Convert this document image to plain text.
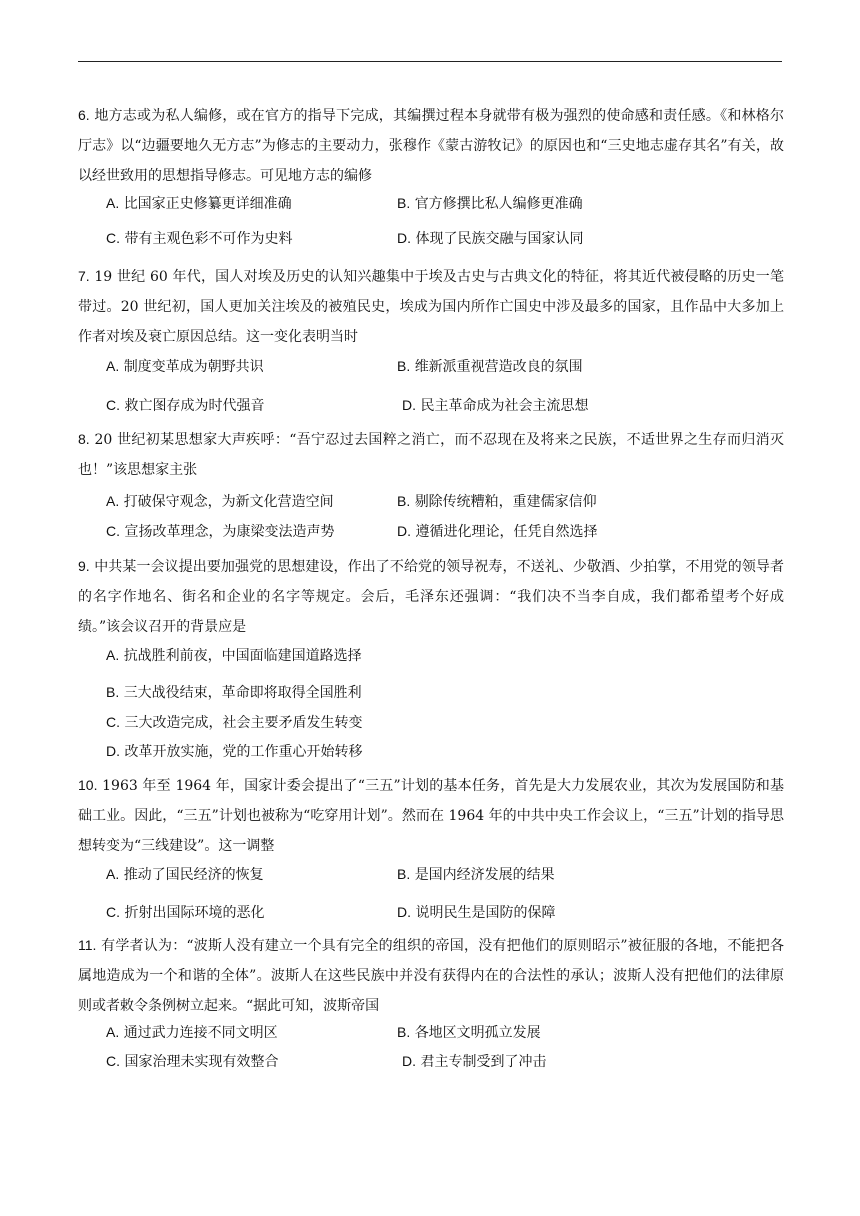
6. 地方志或为私人编修，或在官方的指导下完成，其编撰过程本身就带有极为强烈的使命感和责任感。《和林格尔厅志》以“边疆要地久无方志”为修志的主要动力，张穆作《蒙古游牧记》的原因也和“三史地志虚存其名”有关，故以经世致用的思想指导修志。可见地方志的编修
A. 比国家正史修纂更详细准确	B. 官方修撰比私人编修更准确
C. 带有主观色彩不可作为史料	D. 体现了民族交融与国家认同
7. 19 世纪 60 年代，国人对埃及历史的认知兴趣集中于埃及古史与古典文化的特征，将其近代被侵略的历史一笔带过。20 世纪初，国人更加关注埃及的被殖民史，埃成为国内所作亡国史中涉及最多的国家，且作品中大多加上作者对埃及衰亡原因总结。这一变化表明当时
A. 制度变革成为朝野共识	B. 维新派重视营造改良的氛围
C. 救亡图存成为时代强音	D. 民主革命成为社会主流思想
8. 20 世纪初某思想家大声疾呼：“吾宁忍过去国粹之消亡，而不忍现在及将来之民族，不适世界之生存而归消灭也！”该思想家主张
A. 打破保守观念，为新文化营造空间	B. 剔除传统糟粕，重建儒家信仰
C. 宣扬改革理念，为康梁变法造声势	D. 遵循进化理论，任凭自然选择
9. 中共某一会议提出要加强党的思想建设，作出了不给党的领导祝寿，不送礼、少敬酒、少拍掌，不用党的领导者的名字作地名、街名和企业的名字等规定。会后，毛泽东还强调：“我们决不当李自成，我们都希望考个好成绩。”该会议召开的背景应是
A. 抗战胜利前夜，中国面临建国道路选择
B. 三大战役结束，革命即将取得全国胜利
C. 三大改造完成，社会主要矛盾发生转变
D. 改革开放实施，党的工作重心开始转移
10. 1963 年至 1964 年，国家计委会提出了“三五”计划的基本任务，首先是大力发展农业，其次为发展国防和基础工业。因此，“三五”计划也被称为“吃穿用计划”。然而在 1964 年的中共中央工作会议上，“三五”计划的指导思想转变为“三线建设”。这一调整
A. 推动了国民经济的恢复	B. 是国内经济发展的结果
C. 折射出国际环境的恶化	D. 说明民生是国防的保障
11. 有学者认为：“波斯人没有建立一个具有完全的组织的帝国，没有把他们的原则昭示”被征服的各地，不能把各属地造成为一个和谐的全体”。波斯人在这些民族中并没有获得内在的合法性的承认；波斯人没有把他们的法律原则或者敕令条例树立起来。“据此可知，波斯帝国
A. 通过武力连接不同文明区	B. 各地区文明孤立发展
C. 国家治理未实现有效整合	D. 君主专制受到了冲击
